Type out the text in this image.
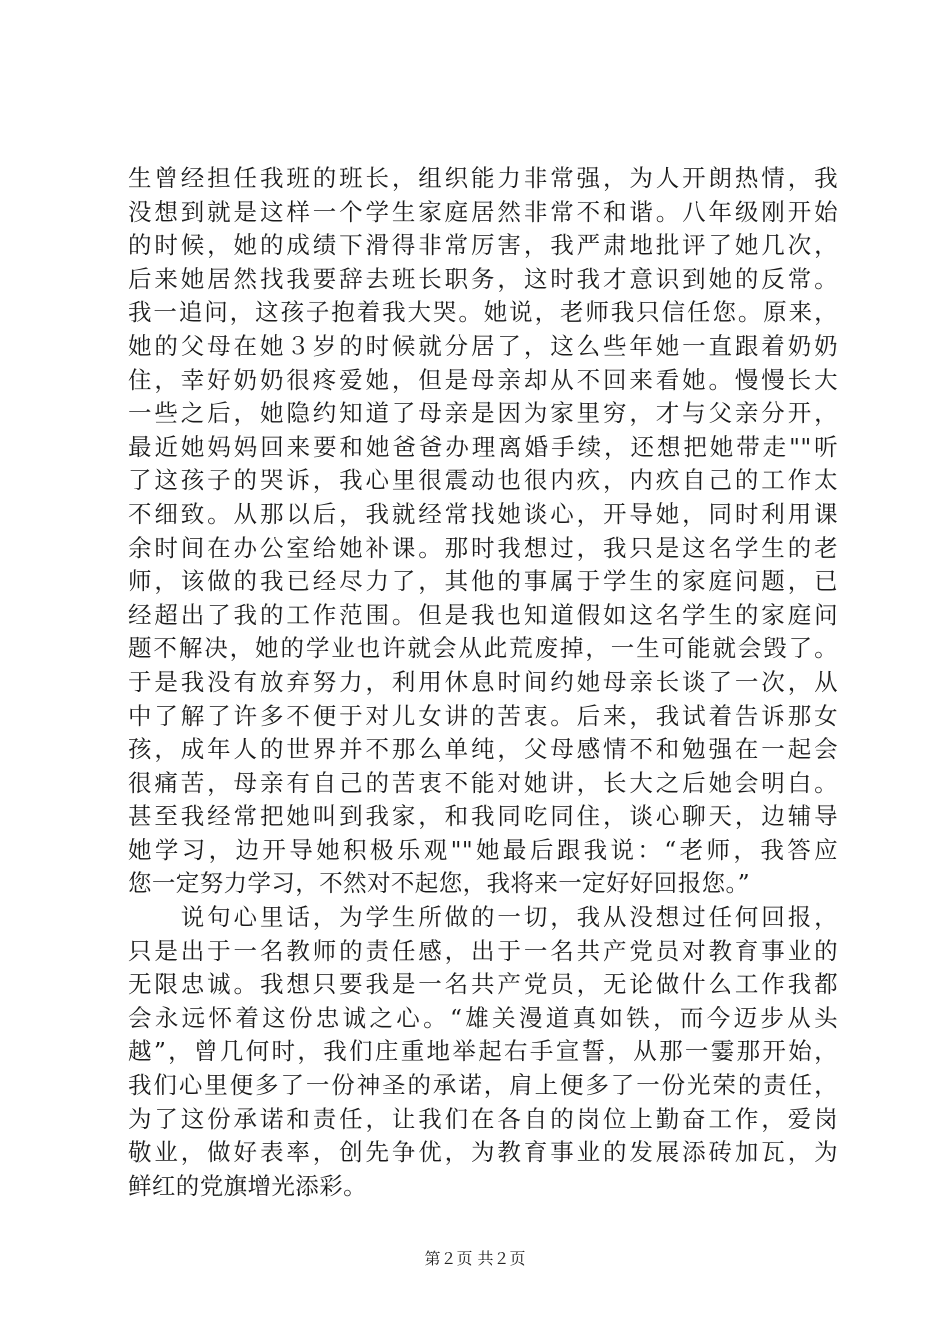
生曾经担任我班的班长，组织能力非常强，为人开朗热情，我
没想到就是这样一个学生家庭居然非常不和谐。八年级刚开始
的时候，她的成绩下滑得非常厉害，我严肃地批评了她几次，
后来她居然找我要辞去班长职务，这时我才意识到她的反常。
我一追问，这孩子抱着我大哭。她说，老师我只信任您。原来，
她的父母在她３岁的时候就分居了，这么些年她一直跟着奶奶
住，幸好奶奶很疼爱她，但是母亲却从不回来看她。慢慢长大
一些之后，她隐约知道了母亲是因为家里穷，才与父亲分开，
最近她妈妈回来要和她爸爸办理离婚手续，还想把她带走""听
了这孩子的哭诉，我心里很震动也很内疚，内疚自己的工作太
不细致。从那以后，我就经常找她谈心，开导她，同时利用课
余时间在办公室给她补课。那时我想过，我只是这名学生的老
师，该做的我已经尽力了，其他的事属于学生的家庭问题，已
经超出了我的工作范围。但是我也知道假如这名学生的家庭问
题不解决，她的学业也许就会从此荒废掉，一生可能就会毁了。
于是我没有放弃努力，利用休息时间约她母亲长谈了一次，从
中了解了许多不便于对儿女讲的苦衷。后来，我试着告诉那女
孩，成年人的世界并不那么单纯，父母感情不和勉强在一起会
很痛苦，母亲有自己的苦衷不能对她讲，长大之后她会明白。
甚至我经常把她叫到我家，和我同吃同住，谈心聊天，边辅导
她学习，边开导她积极乐观""她最后跟我说：“老师，我答应
您一定努力学习，不然对不起您，我将来一定好好回报您。”
　　说句心里话，为学生所做的一切，我从没想过任何回报，
只是出于一名教师的责任感，出于一名共产党员对教育事业的
无限忠诚。我想只要我是一名共产党员，无论做什么工作我都
会永远怀着这份忠诚之心。“雄关漫道真如铁，而今迈步从头
越”，曾几何时，我们庄重地举起右手宣誓，从那一霎那开始，
我们心里便多了一份神圣的承诺，肩上便多了一份光荣的责任，
为了这份承诺和责任，让我们在各自的岗位上勤奋工作，爱岗
敬业，做好表率，创先争优，为教育事业的发展添砖加瓦，为
鲜红的党旗增光添彩。
第２页 共２页
